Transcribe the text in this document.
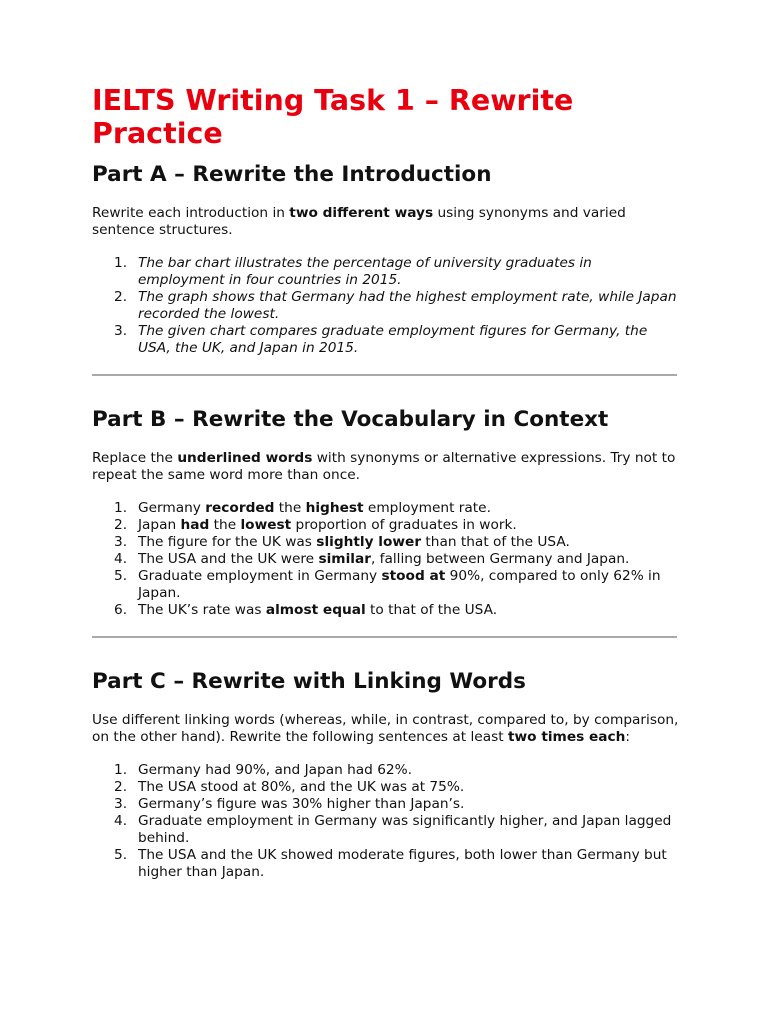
IELTS Writing Task 1 – Rewrite Practice
Part A – Rewrite the Introduction

Rewrite each introduction in two different ways using synonyms and varied sentence structures.

1. The bar chart illustrates the percentage of university graduates in employment in four countries in 2015.
2. The graph shows that Germany had the highest employment rate, while Japan recorded the lowest.
3. The given chart compares graduate employment figures for Germany, the USA, the UK, and Japan in 2015.
Part B – Rewrite the Vocabulary in Context

Replace the underlined words with synonyms or alternative expressions. Try not to repeat the same word more than once.

1. Germany recorded the highest employment rate.
2. Japan had the lowest proportion of graduates in work.
3. The figure for the UK was slightly lower than that of the USA.
4. The USA and the UK were similar, falling between Germany and Japan.
5. Graduate employment in Germany stood at 90%, compared to only 62% in Japan.
6. The UK’s rate was almost equal to that of the USA.
Part C – Rewrite with Linking Words

Use different linking words (whereas, while, in contrast, compared to, by comparison, on the other hand). Rewrite the following sentences at least two times each:

1. Germany had 90%, and Japan had 62%.
2. The USA stood at 80%, and the UK was at 75%.
3. Germany’s figure was 30% higher than Japan’s.
4. Graduate employment in Germany was significantly higher, and Japan lagged behind.
5. The USA and the UK showed moderate figures, both lower than Germany but higher than Japan.
